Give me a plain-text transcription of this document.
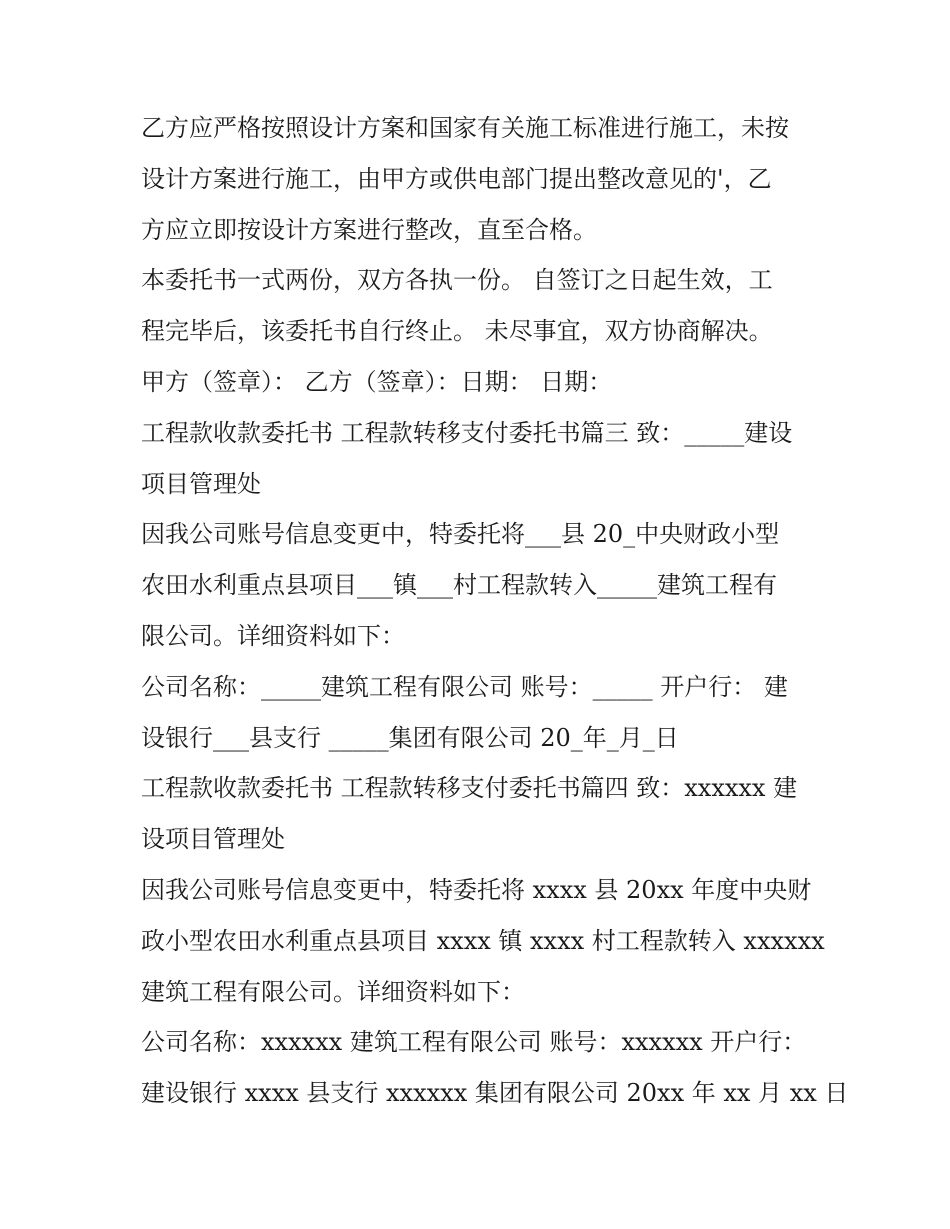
乙方应严格按照设计方案和国家有关施工标准进行施工，未按
设计方案进行施工，由甲方或供电部门提出整改意见的'，乙
方应立即按设计方案进行整改，直至合格。
本委托书一式两份，双方各执一份。 自签订之日起生效，工
程完毕后，该委托书自行终止。 未尽事宜，双方协商解决。
甲方（签章）： 乙方（签章）：日期： 日期：
工程款收款委托书 工程款转移支付委托书篇三 致：_____建设
项目管理处
因我公司账号信息变更中，特委托将___县 20_中央财政小型
农田水利重点县项目___镇___村工程款转入_____建筑工程有
限公司。详细资料如下：
公司名称：_____建筑工程有限公司 账号：_____ 开户行： 建
设银行___县支行 _____集团有限公司 20_年_月_日
工程款收款委托书 工程款转移支付委托书篇四 致：xxxxxx 建
设项目管理处
因我公司账号信息变更中，特委托将 xxxx 县 20xx 年度中央财
政小型农田水利重点县项目 xxxx 镇 xxxx 村工程款转入 xxxxxx
建筑工程有限公司。详细资料如下：
公司名称：xxxxxx 建筑工程有限公司 账号：xxxxxx 开户行：
建设银行 xxxx 县支行 xxxxxx 集团有限公司 20xx 年 xx 月 xx 日
